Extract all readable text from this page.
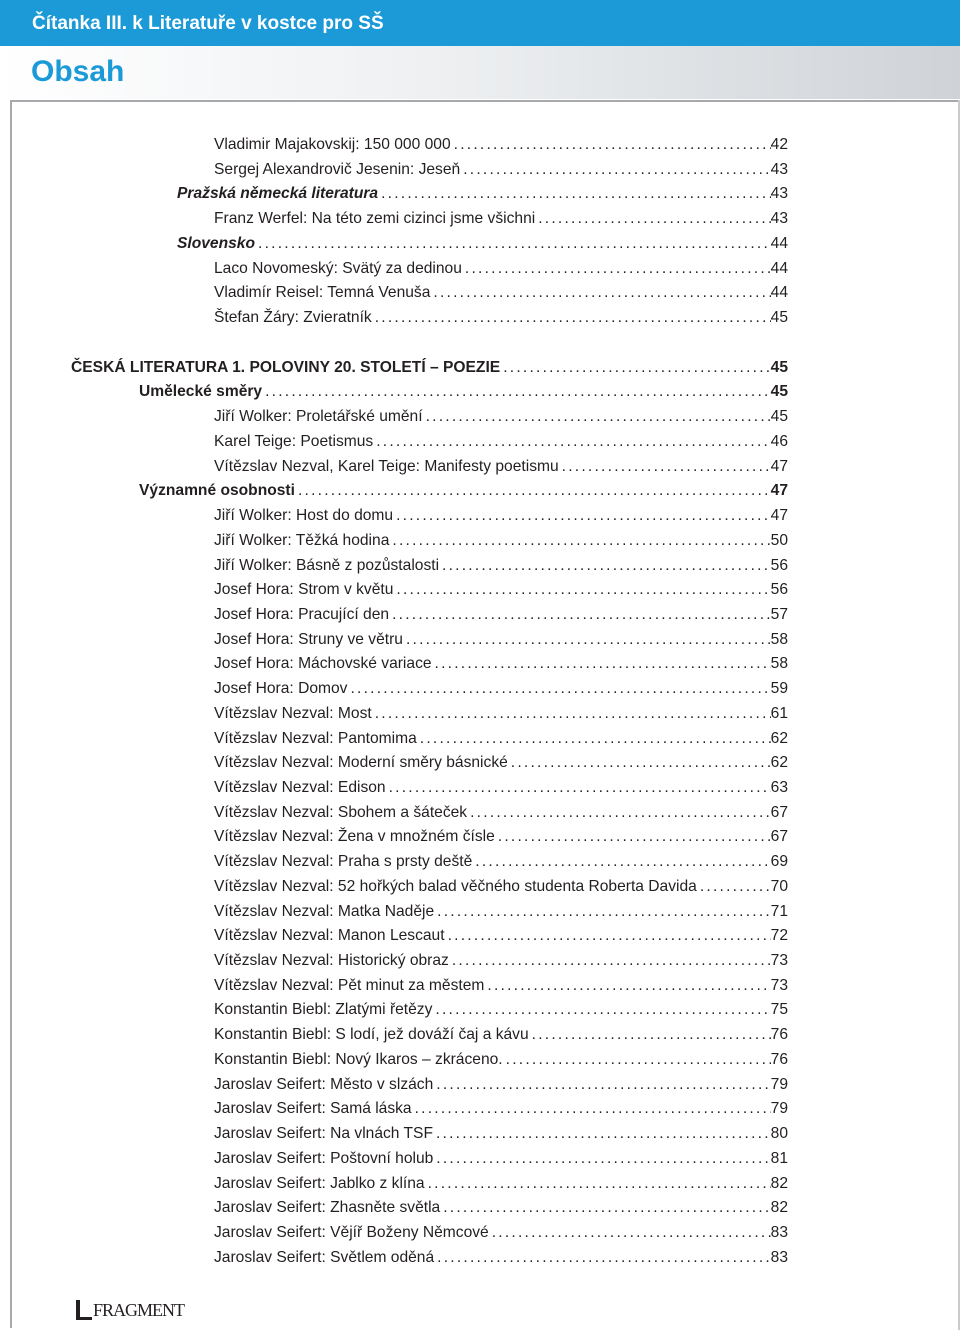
Čítanka III. k Literatuře v kostce pro SŠ
Obsah
Vladimir Majakovskij: 150 000 000 . . .	42
Sergej Alexandrovič Jesenin: Jeseň . . .	43
Pražská německá literatura . . .	43
Franz Werfel: Na této zemi cizinci jsme všichni . . .	43
Slovensko . . .	44
Laco Novomeský: Svätý za dedinou . . .	44
Vladimír Reisel: Temná Venuša . . .	44
Štefan Žáry: Zvieratník . . .	45
ČESKÁ LITERATURA 1. POLOVINY 20. STOLETÍ – POEZIE . . .	45
Umělecké směry . . .	45
Jiří Wolker: Proletářské umění . . .	45
Karel Teige: Poetismus . . .	46
Vítězslav Nezval, Karel Teige: Manifesty poetismu . . .	47
Významné osobnosti . . .	47
Jiří Wolker: Host do domu . . .	47
Jiří Wolker: Těžká hodina . . .	50
Jiří Wolker: Básně z pozůstalosti . . .	56
Josef Hora: Strom v květu . . .	56
Josef Hora: Pracující den . . .	57
Josef Hora: Struny ve větru . . .	58
Josef Hora: Máchovské variace . . .	58
Josef Hora: Domov . . .	59
Vítězslav Nezval: Most . . .	61
Vítězslav Nezval: Pantomima . . .	62
Vítězslav Nezval: Moderní směry básnické . . .	62
Vítězslav Nezval: Edison . . .	63
Vítězslav Nezval: Sbohem a šáteček . . .	67
Vítězslav Nezval: Žena v množném čísle . . .	67
Vítězslav Nezval: Praha s prsty deště . . .	69
Vítězslav Nezval: 52 hořkých balad věčného studenta Roberta Davida . . .	70
Vítězslav Nezval: Matka Naděje . . .	71
Vítězslav Nezval: Manon Lescaut . . .	72
Vítězslav Nezval: Historický obraz . . .	73
Vítězslav Nezval: Pět minut za městem . . .	73
Konstantin Biebl: Zlatými řetězy . . .	75
Konstantin Biebl: S lodí, jež dováží čaj a kávu . . .	76
Konstantin Biebl: Nový Ikaros – zkráceno. . . .	76
Jaroslav Seifert: Město v slzách . . .	79
Jaroslav Seifert: Samá láska . . .	79
Jaroslav Seifert: Na vlnách TSF . . .	80
Jaroslav Seifert: Poštovní holub . . .	81
Jaroslav Seifert: Jablko z klína . . .	82
Jaroslav Seifert: Zhasněte světla . . .	82
Jaroslav Seifert: Vějíř Boženy Němcové . . .	83
Jaroslav Seifert: Světlem oděná . . .	83
FRAGMENT
